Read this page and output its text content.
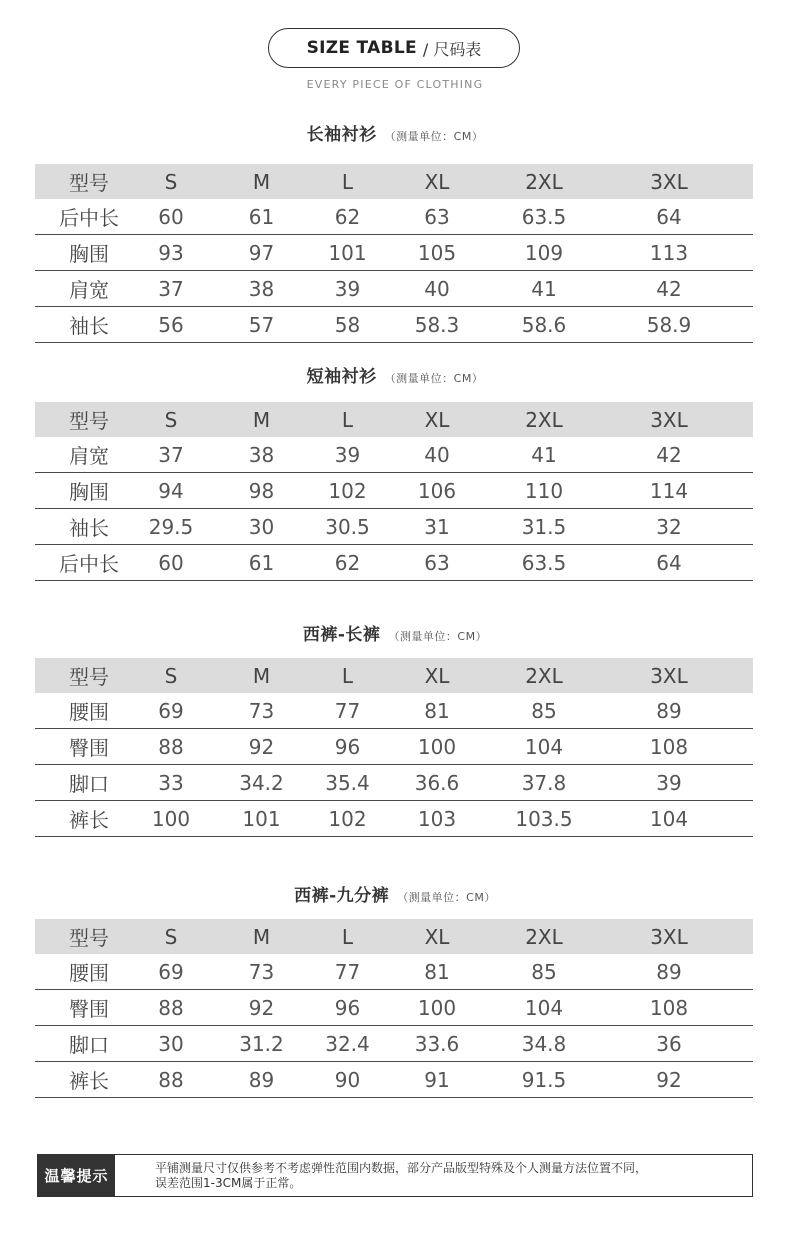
SIZE TABLE / 尺码表
EVERY PIECE OF CLOTHING
长袖衬衫 （测量单位：CM）
型号	S	M	L	XL	2XL	3XL
后中长	60	61	62	63	63.5	64
胸围	93	97	101	105	109	113
肩宽	37	38	39	40	41	42
袖长	56	57	58	58.3	58.6	58.9
短袖衬衫 （测量单位：CM）
型号	S	M	L	XL	2XL	3XL
肩宽	37	38	39	40	41	42
胸围	94	98	102	106	110	114
袖长	29.5	30	30.5	31	31.5	32
后中长	60	61	62	63	63.5	64
西裤-长裤 （测量单位：CM）
型号	S	M	L	XL	2XL	3XL
腰围	69	73	77	81	85	89
臀围	88	92	96	100	104	108
脚口	33	34.2	35.4	36.6	37.8	39
裤长	100	101	102	103	103.5	104
西裤-九分裤 （测量单位：CM）
型号	S	M	L	XL	2XL	3XL
腰围	69	73	77	81	85	89
臀围	88	92	96	100	104	108
脚口	30	31.2	32.4	33.6	34.8	36
裤长	88	89	90	91	91.5	92
温馨提示	平铺测量尺寸仅供参考不考虑弹性范围内数据，部分产品版型特殊及个人测量方法位置不同，
误差范围1-3CM属于正常。
